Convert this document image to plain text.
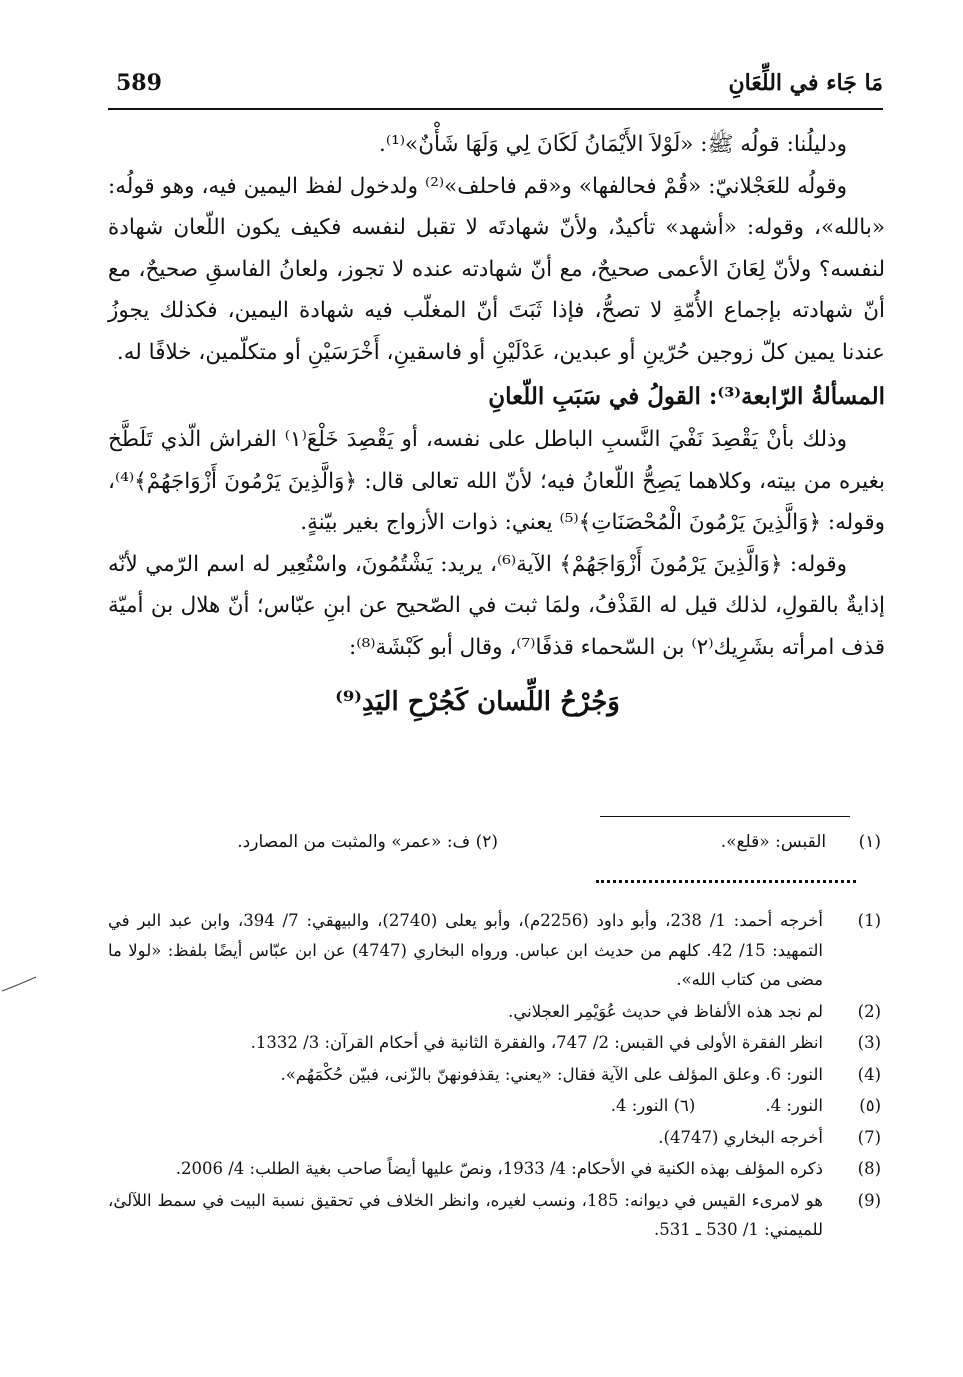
589	مَا جَاء في اللِّعَانِ

ودليلُنا: قولُه ﷺ: «لَوْلاَ الأَيْمَانُ لَكَانَ لِي وَلَهَا شَأْنٌ»⁽¹⁾.

وقولُه للعَجْلانيّ: «قُمْ فحالفها» و«قم فاحلف»⁽²⁾ ولدخول لفظ اليمين فيه، وهو قولُه: «بالله»، وقوله: «أشهد» تأكيدٌ، ولأنّ شهادتَه لا تقبل لنفسه فكيف يكون اللّعان شهادة لنفسه؟ ولأنّ لِعَانَ الأعمى صحيحٌ، مع أنّ شهادته عنده لا تجوز، ولعانُ الفاسقِ صحيحٌ، مع أنّ شهادته بإجماع الأُمّةِ لا تصحُّ، فإذا ثَبَتَ أنّ المغلّب فيه شهادة اليمين، فكذلك يجوزُ عندنا يمين كلّ زوجين حُرّينِ أو عبدين، عَدْلَيْنِ أو فاسقينِ، أَخْرَسَيْنِ أو متكلّمين، خلافًا له.

المسألةُ الرّابعة⁽³⁾: القولُ في سَبَبِ اللّعانِ

وذلك بأنْ يَقْصِدَ نَفْيَ النَّسبِ الباطل على نفسه، أو يَقْصِدَ خَلْعَ⁽١⁾ الفراش الّذي تَلَطَّخ بغيره من بيته، وكلاهما يَصِحُّ اللّعانُ فيه؛ لأنّ الله تعالى قال: ﴿وَالَّذِينَ يَرْمُونَ أَزْوَاجَهُمْ﴾⁽⁴⁾، وقوله: ﴿وَالَّذِينَ يَرْمُونَ الْمُحْصَنَاتِ﴾⁽⁵⁾ يعني: ذوات الأزواج بغير بيّنةٍ.

وقوله: ﴿وَالَّذِينَ يَرْمُونَ أَزْوَاجَهُمْ﴾ الآية⁽⁶⁾، يريد: يَشْتُمُونَ، واسْتُعِير له اسم الرّمي لأنّه إذايةٌ بالقولِ، لذلك قيل له القَذْفُ، ولمَا ثبت في الصّحيح عن ابنِ عبّاس؛ أنّ هلال بن أميّة قذف امرأته بشَرِيك⁽٢⁾ بن السّحماء قذفًا⁽⁷⁾، وقال أبو كَبْشَة⁽⁸⁾:

وَجُرْحُ اللِّسان كَجُرْحِ اليَدِ⁽⁹⁾

(١)      القبس: «قلع».
(٢) ف: «عمر» والمثبت من المصارد.
(1)
أخرجه أحمد: 1/ 238، وأبو داود (2256م)، وأبو يعلى (2740)، والبيهقي: 7/ 394، وابن عبد البر في التمهيد: 15/ 42. كلهم من حديث ابن عباس. ورواه البخاري (4747) عن ابن عبّاس أيضًا بلفظ: «لولا ما مضى من كتاب الله».
(2)
لم نجد هذه الألفاظ في حديث عُوَيْمِر العجلاني.
(3)
انظر الفقرة الأولى في القبس: 2/ 747، والفقرة الثانية في أحكام القرآن: 3/ 1332.
(4)
النور: 6. وعلق المؤلف على الآية فقال: «يعني: يقذفونهنّ بالزّنى، فبيّن حُكْمَهُم».
(٥)
النور: 4.(٦) النور: 4.
(7)
أخرجه البخاري (4747).
(8)
ذكره المؤلف بهذه الكنية في الأحكام: 4/ 1933، ونصّ عليها أيضاً صاحب بغية الطلب: 4/ 2006.
(9)
هو لامرىء القيس في ديوانه: 185، ونسب لغيره، وانظر الخلاف في تحقيق نسبة البيت في سمط اللآلئ، للميمني: 1/ 530 ـ 531.
